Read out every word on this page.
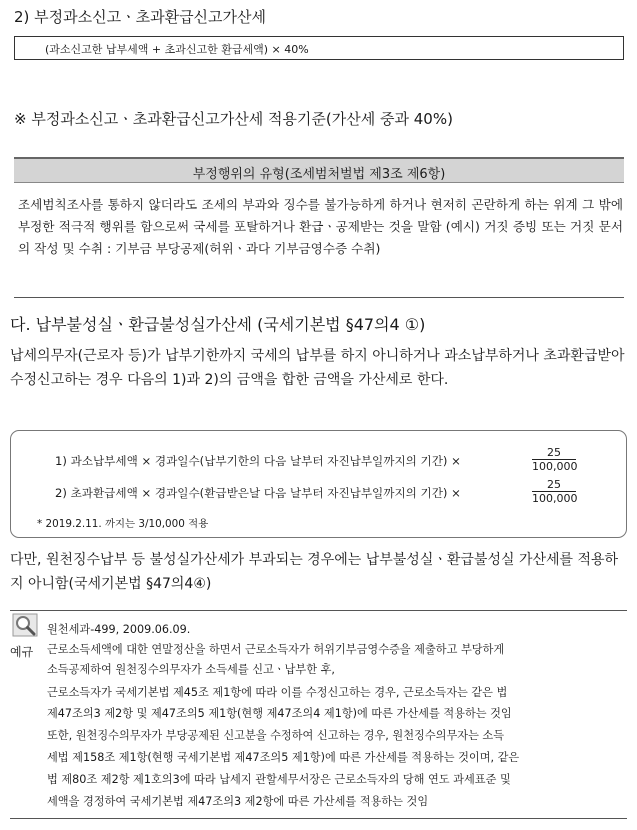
2) 부정과소신고ㆍ초과환급신고가산세
(과소신고한 납부세액 + 초과신고한 환급세액) × 40%
※ 부정과소신고ㆍ초과환급신고가산세 적용기준(가산세 중과 40%)
부정행위의 유형(조세범처벌법 제3조 제6항)
조세범칙조사를 통하지 않더라도 조세의 부과와 징수를 불가능하게 하거나 현저히 곤란하게 하는 위계 그 밖에 부정한 적극적 행위를 함으로써 국세를 포탈하거나 환급ㆍ공제받는 것을 말함 (예시) 거짓 증빙 또는 거짓 문서의 작성 및 수취 : 기부금 부당공제(허위ㆍ과다 기부금영수증 수취)
다. 납부불성실ㆍ환급불성실가산세 (국세기본법 §47의4 ①)
납세의무자(근로자 등)가 납부기한까지 국세의 납부를 하지 아니하거나 과소납부하거나 초과환급받아 수정신고하는 경우 다음의 1)과 2)의 금액을 합한 금액을 가산세로 한다.
1) 과소납부세액 × 경과일수(납부기한의 다음 날부터 자진납부일까지의 기간) ×	$\frac{25}{100,000}$
2) 초과환급세액 × 경과일수(환급받은날 다음 날부터 자진납부일까지의 기간) ×	$\frac{25}{100,000}$
* 2019.2.11. 까지는 3/10,000 적용
다만, 원천징수납부 등 불성실가산세가 부과되는 경우에는 납부불성실ㆍ환급불성실 가산세를 적용하지 아니함(국세기본법 §47의4④)
예규
원천세과-499, 2009.06.09.
근로소득세액에 대한 연말정산을 하면서 근로소득자가 허위기부금영수증을 제출하고 부당하게
소득공제하여 원천징수의무자가 소득세를 신고ㆍ납부한 후,
근로소득자가 국세기본법 제45조 제1항에 따라 이를 수정신고하는 경우, 근로소득자는 같은 법
제47조의3 제2항 및 제47조의5 제1항(현행 제47조의4 제1항)에 따른 가산세를 적용하는 것임
또한, 원천징수의무자가 부당공제된 신고분을 수정하여 신고하는 경우, 원천징수의무자는 소득
세법 제158조 제1항(현행 국세기본법 제47조의5 제1항)에 따른 가산세를 적용하는 것이며, 같은
법 제80조 제2항 제1호의3에 따라 납세지 관할세무서장은 근로소득자의 당해 연도 과세표준 및
세액을 경정하여 국세기본법 제47조의3 제2항에 따른 가산세를 적용하는 것임
